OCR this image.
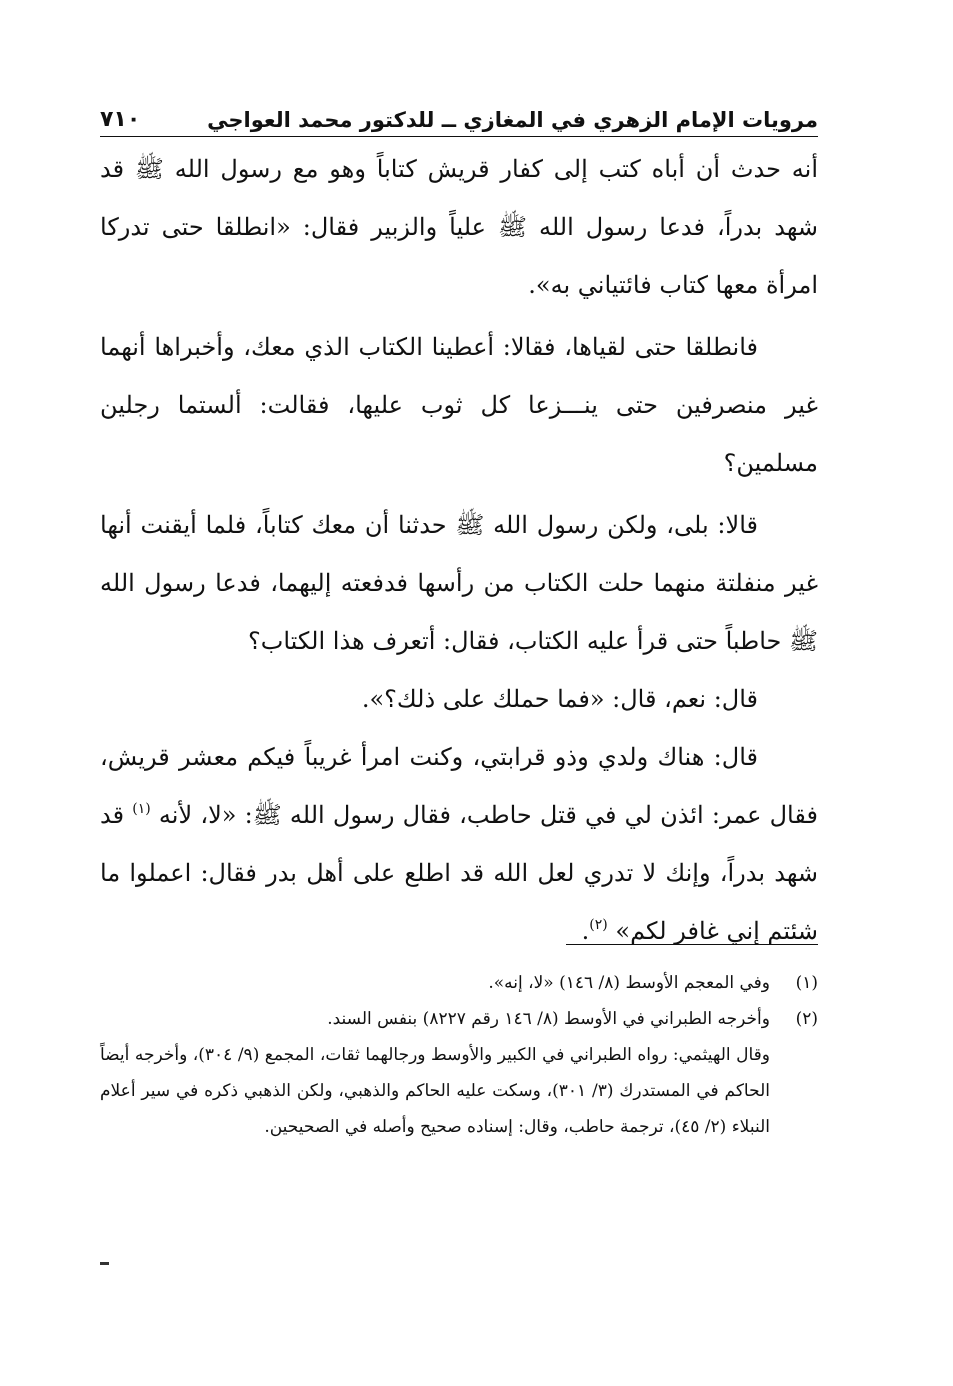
مرويات الإمام الزهري في المغازي ــ للدكتور محمد العواجي
٧١٠

أنه حدث أن أباه كتب إلى كفار قريش كتاباً وهو مع رسول الله ﷺ قد شهد بدراً، فدعا رسول الله ﷺ علياً والزبير فقال: «انطلقا حتى تدركا امرأة معها كتاب فائتياني به».

فانطلقا حتى لقياها، فقالا: أعطينا الكتاب الذي معك، وأخبراها أنهما غير منصرفين حتى ينـــزعا كل ثوب عليها، فقالت: ألستما رجلين مسلمين؟

قالا: بلى، ولكن رسول الله ﷺ حدثنا أن معك كتاباً، فلما أيقنت أنها غير منفلتة منهما حلت الكتاب من رأسها فدفعته إليهما، فدعا رسول الله ﷺ حاطباً حتى قرأ عليه الكتاب، فقال: أتعرف هذا الكتاب؟

قال: نعم، قال: «فما حملك على ذلك؟».

قال: هناك ولدي وذو قرابتي، وكنت امرأ غريباً فيكم معشر قريش، فقال عمر: ائذن لي في قتل حاطب، فقال رسول الله ﷺ: «لا، لأنه $^{(١)}$ قد شهد بدراً، وإنك لا تدري لعل الله قد اطلع على أهل بدر فقال: اعملوا ما شئتم إني غافر لكم» $^{(٢)}$.

(١)
وفي المعجم الأوسط (٨/ ١٤٦) «لا، إنه».
(٢)
وأخرجه الطبراني في الأوسط (٨/ ١٤٦ رقم ٨٢٢٧) بنفس السند.
وقال الهيثمي: رواه الطبراني في الكبير والأوسط ورجالهما ثقات، المجمع (٩/ ٣٠٤)، وأخرجه أيضاً الحاكم في المستدرك (٣/ ٣٠١)، وسكت عليه الحاكم والذهبي، ولكن الذهبي ذكره في سير أعلام النبلاء (٢/ ٤٥)، ترجمة حاطب، وقال: إسناده صحيح وأصله في الصحيحين.
